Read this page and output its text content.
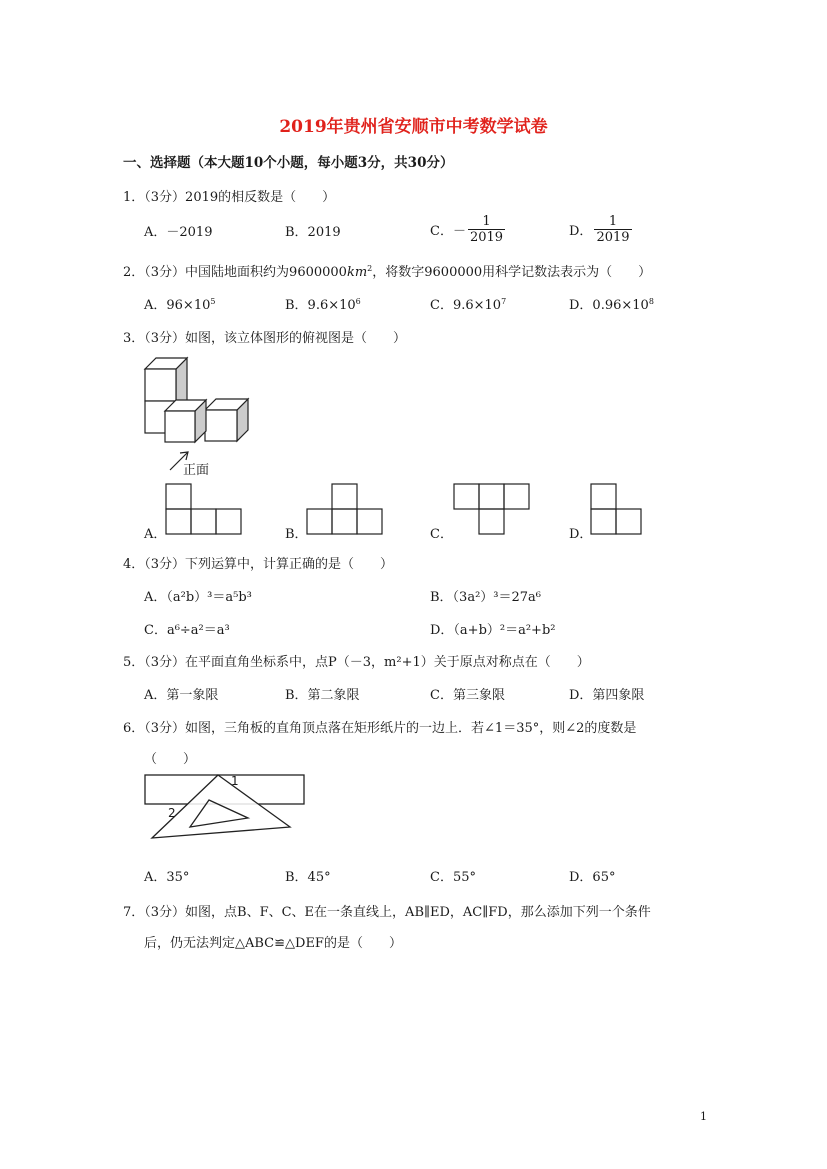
2019年贵州省安顺市中考数学试卷
一、选择题（本大题10个小题，每小题3分，共30分）
1．（3分）2019的相反数是（　　）
A．－2019	B．2019	C．－ $\frac{1}{2019}$	D． $\frac{1}{2019}$
2．（3分）中国陆地面积约为$9600000km^2$，将数字9600000用科学记数法表示为（　　）
A．$96\times 10^5$	B．$9.6\times 10^6$	C．$9.6\times 10^7$	D．$0.96\times 10^8$
3．（3分）如图，该立体图形的俯视图是（　　）
正面
A．	B．	C．	D．
4．（3分）下列运算中，计算正确的是（　　）
A．（a²b）³＝a⁵b³	B．（3a²）³＝27a⁶
C．a⁶÷a²＝a³	D．（a+b）²＝a²+b²
5．（3分）在平面直角坐标系中，点P（－3，m²+1）关于原点对称点在（　　）
A．第一象限	B．第二象限	C．第三象限	D．第四象限
6．（3分）如图，三角板的直角顶点落在矩形纸片的一边上．若∠1＝35°，则∠2的度数是
（　　）
1
2
A．35°	B．45°	C．55°	D．65°
7．（3分）如图，点B、F、C、E在一条直线上，AB∥ED，AC∥FD，那么添加下列一个条件
后，仍无法判定△ABC≌△DEF的是（　　）
1
